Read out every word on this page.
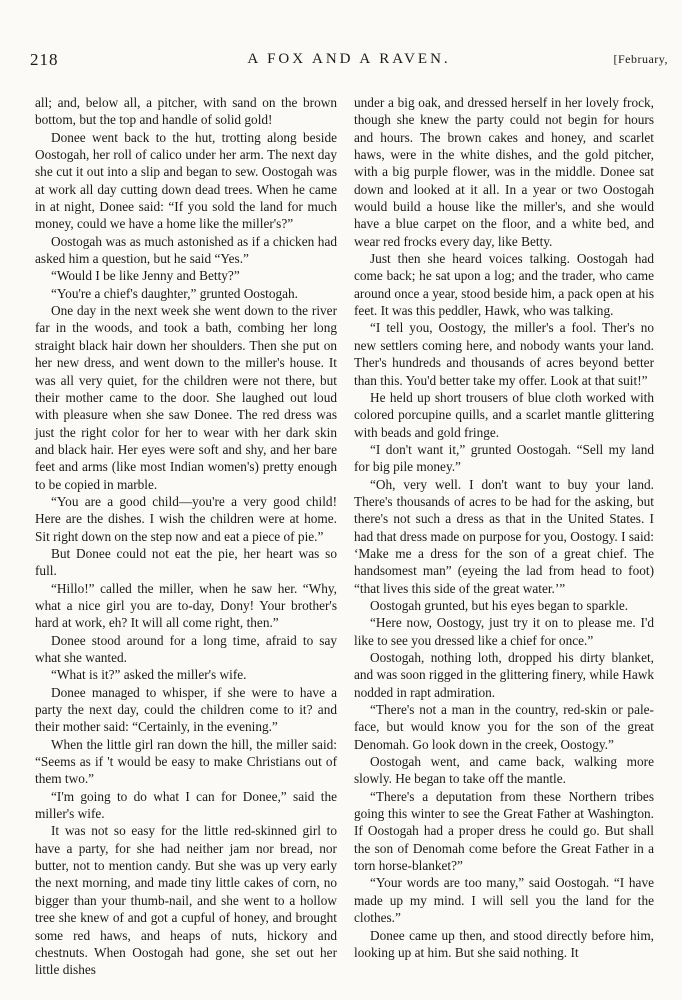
218	A FOX AND A RAVEN.	[February,

all; and, below all, a pitcher, with sand on the brown bottom, but the top and handle of solid gold!

Donee went back to the hut, trotting along beside Oostogah, her roll of calico under her arm. The next day she cut it out into a slip and began to sew. Oostogah was at work all day cutting down dead trees. When he came in at night, Donee said: “If you sold the land for much money, could we have a home like the miller's?”

Oostogah was as much astonished as if a chicken had asked him a question, but he said “Yes.”

“Would I be like Jenny and Betty?”

“You're a chief's daughter,” grunted Oostogah.

One day in the next week she went down to the river far in the woods, and took a bath, combing her long straight black hair down her shoulders. Then she put on her new dress, and went down to the miller's house. It was all very quiet, for the children were not there, but their mother came to the door. She laughed out loud with pleasure when she saw Donee. The red dress was just the right color for her to wear with her dark skin and black hair. Her eyes were soft and shy, and her bare feet and arms (like most Indian women's) pretty enough to be copied in marble.

“You are a good child—you're a very good child! Here are the dishes. I wish the children were at home. Sit right down on the step now and eat a piece of pie.”

But Donee could not eat the pie, her heart was so full.

“Hillo!” called the miller, when he saw her. “Why, what a nice girl you are to-day, Dony! Your brother's hard at work, eh? It will all come right, then.”

Donee stood around for a long time, afraid to say what she wanted.

“What is it?” asked the miller's wife.

Donee managed to whisper, if she were to have a party the next day, could the children come to it? and their mother said: “Certainly, in the evening.”

When the little girl ran down the hill, the miller said: “Seems as if 't would be easy to make Christians out of them two.”

“I'm going to do what I can for Donee,” said the miller's wife.

It was not so easy for the little red-skinned girl to have a party, for she had neither jam nor bread, nor butter, not to mention candy. But she was up very early the next morning, and made tiny little cakes of corn, no bigger than your thumb-nail, and she went to a hollow tree she knew of and got a cupful of honey, and brought some red haws, and heaps of nuts, hickory and chestnuts. When Oostogah had gone, she set out her little dishes

under a big oak, and dressed herself in her lovely frock, though she knew the party could not begin for hours and hours. The brown cakes and honey, and scarlet haws, were in the white dishes, and the gold pitcher, with a big purple flower, was in the middle. Donee sat down and looked at it all. In a year or two Oostogah would build a house like the miller's, and she would have a blue carpet on the floor, and a white bed, and wear red frocks every day, like Betty.

Just then she heard voices talking. Oostogah had come back; he sat upon a log; and the trader, who came around once a year, stood beside him, a pack open at his feet. It was this peddler, Hawk, who was talking.

“I tell you, Oostogy, the miller's a fool. Ther's no new settlers coming here, and nobody wants your land. Ther's hundreds and thousands of acres beyond better than this. You'd better take my offer. Look at that suit!”

He held up short trousers of blue cloth worked with colored porcupine quills, and a scarlet mantle glittering with beads and gold fringe.

“I don't want it,” grunted Oostogah. “Sell my land for big pile money.”

“Oh, very well. I don't want to buy your land. There's thousands of acres to be had for the asking, but there's not such a dress as that in the United States. I had that dress made on purpose for you, Oostogy. I said: ‘Make me a dress for the son of a great chief. The handsomest man” (eyeing the lad from head to foot) “that lives this side of the great water.’”

Oostogah grunted, but his eyes began to sparkle.

“Here now, Oostogy, just try it on to please me. I'd like to see you dressed like a chief for once.”

Oostogah, nothing loth, dropped his dirty blanket, and was soon rigged in the glittering finery, while Hawk nodded in rapt admiration.

“There's not a man in the country, red-skin or pale-face, but would know you for the son of the great Denomah. Go look down in the creek, Oostogy.”

Oostogah went, and came back, walking more slowly. He began to take off the mantle.

“There's a deputation from these Northern tribes going this winter to see the Great Father at Washington. If Oostogah had a proper dress he could go. But shall the son of Denomah come before the Great Father in a torn horse-blanket?”

“Your words are too many,” said Oostogah. “I have made up my mind. I will sell you the land for the clothes.”

Donee came up then, and stood directly before him, looking up at him. But she said nothing. It
